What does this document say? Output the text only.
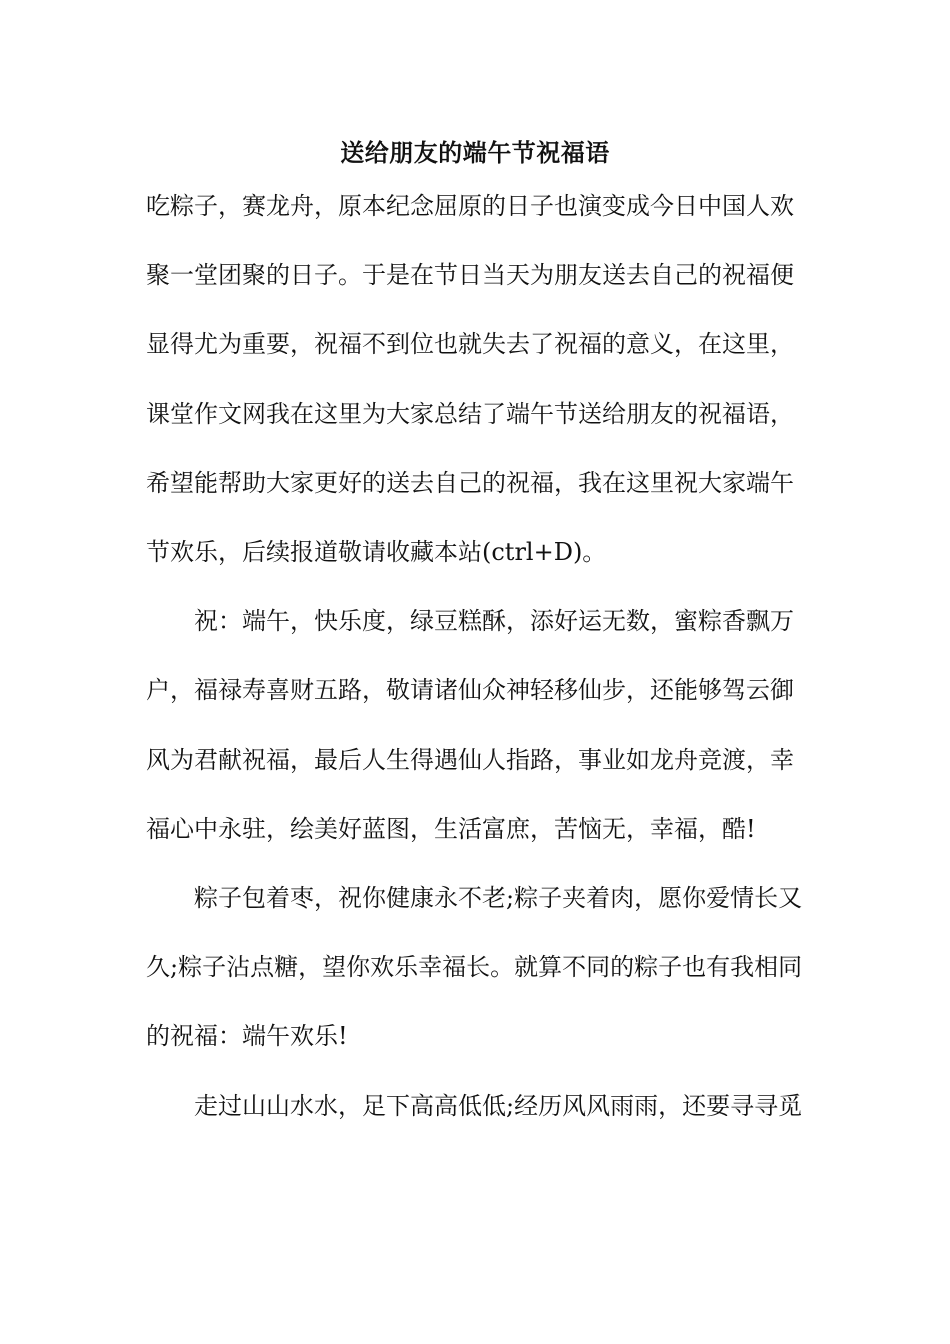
送给朋友的端午节祝福语

吃粽子，赛龙舟，原本纪念屈原的日子也演变成今日中国人欢
聚一堂团聚的日子。于是在节日当天为朋友送去自己的祝福便
显得尤为重要，祝福不到位也就失去了祝福的意义，在这里，
课堂作文网我在这里为大家总结了端午节送给朋友的祝福语，
希望能帮助大家更好的送去自己的祝福，我在这里祝大家端午
节欢乐，后续报道敬请收藏本站(ctrl+D)。

　　祝：端午，快乐度，绿豆糕酥，添好运无数，蜜粽香飘万
户，福禄寿喜财五路，敬请诸仙众神轻移仙步，还能够驾云御
风为君献祝福，最后人生得遇仙人指路，事业如龙舟竞渡，幸
福心中永驻，绘美好蓝图，生活富庶，苦恼无，幸福，酷!

　　粽子包着枣，祝你健康永不老;粽子夹着肉，愿你爱情长又
久;粽子沾点糖，望你欢乐幸福长。就算不同的粽子也有我相同
的祝福：端午欢乐!

　　走过山山水水，足下高高低低;经历风风雨雨，还要寻寻觅
